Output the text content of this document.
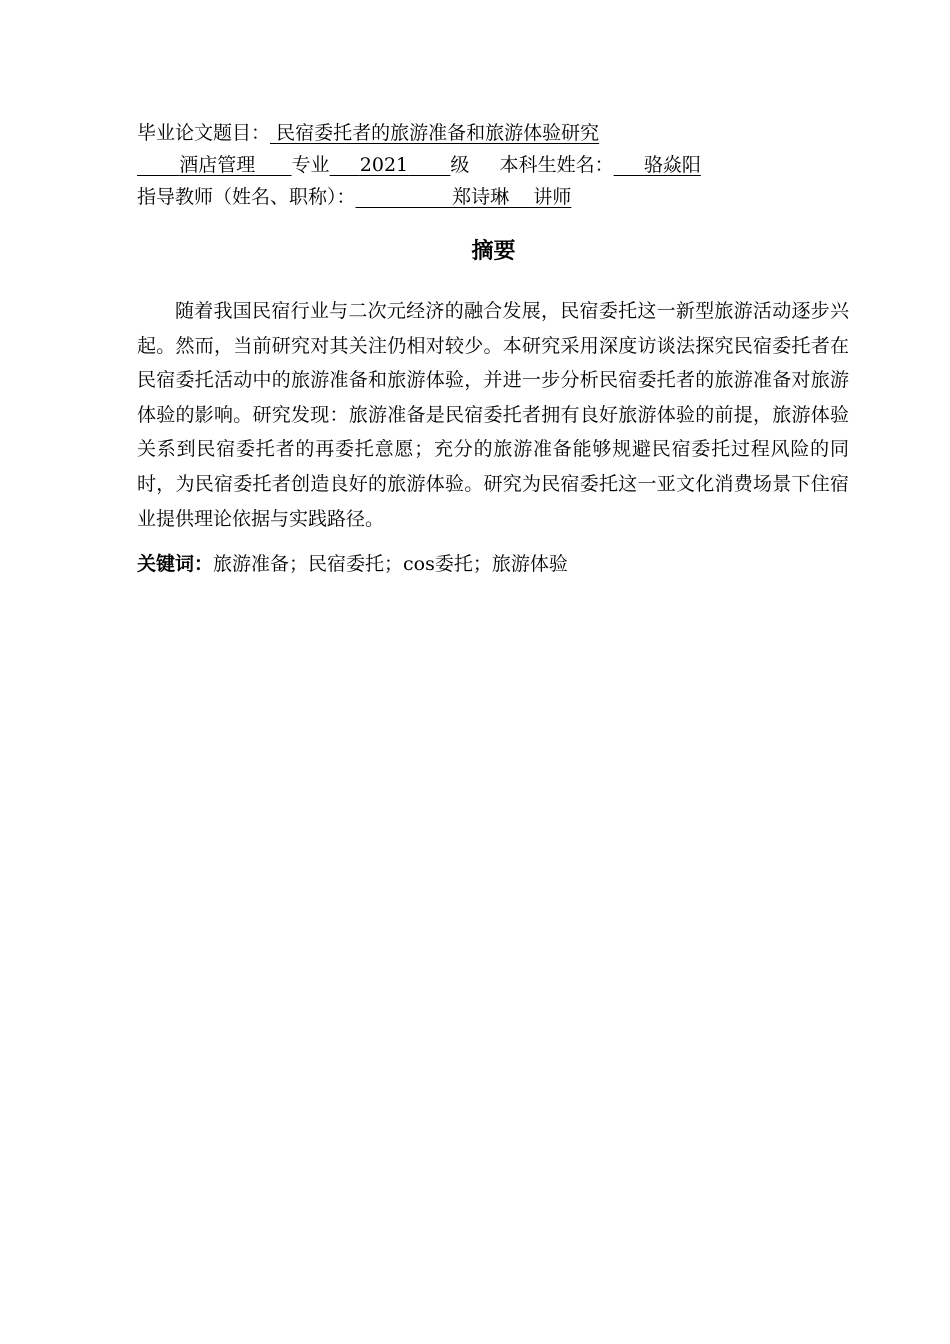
毕业论文题目： 民宿委托者的旅游准备和旅游体验研究
酒店管理 专业 2021 级 本科生姓名： 骆焱阳
指导教师（姓名、职称）：	郑诗琳 讲师
摘要

随着我国民宿行业与二次元经济的融合发展，民宿委托这一新型旅游活动逐步兴起。然而，当前研究对其关注仍相对较少。本研究采用深度访谈法探究民宿委托者在民宿委托活动中的旅游准备和旅游体验，并进一步分析民宿委托者的旅游准备对旅游体验的影响。研究发现：旅游准备是民宿委托者拥有良好旅游体验的前提，旅游体验关系到民宿委托者的再委托意愿；充分的旅游准备能够规避民宿委托过程风险的同时，为民宿委托者创造良好的旅游体验。研究为民宿委托这一亚文化消费场景下住宿业提供理论依据与实践路径。

关键词：旅游准备；民宿委托；cos委托；旅游体验
